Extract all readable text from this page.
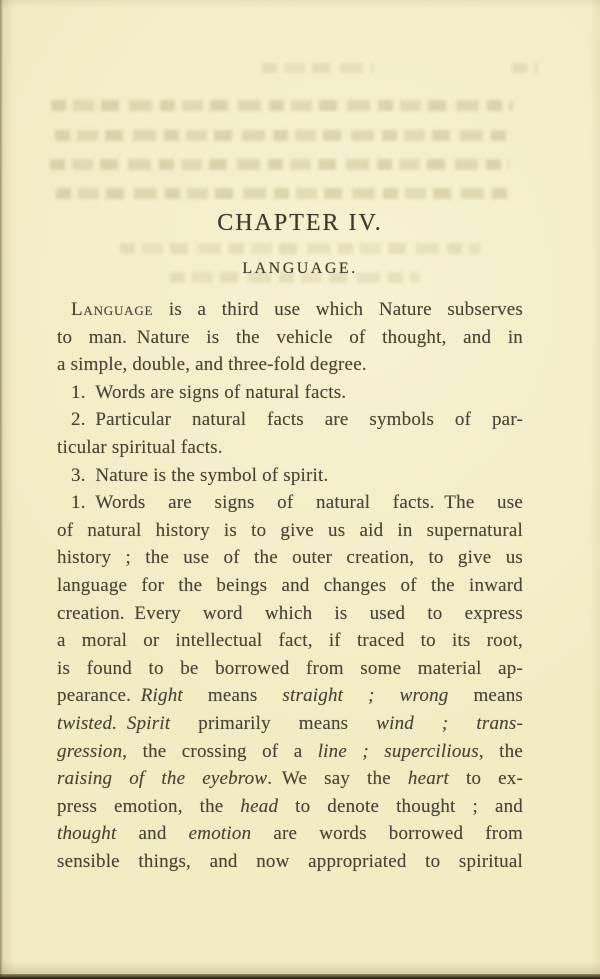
CHAPTER IV.
LANGUAGE.
Language is a third use which Nature subserves
to man. Nature is the vehicle of thought, and in
a simple, double, and three-fold degree.
1. Words are signs of natural facts.
2. Particular natural facts are symbols of par-
ticular spiritual facts.
3. Nature is the symbol of spirit.
1. Words are signs of natural facts. The use
of natural history is to give us aid in supernatural
history ; the use of the outer creation, to give us
language for the beings and changes of the inward
creation. Every word which is used to express
a moral or intellectual fact, if traced to its root,
is found to be borrowed from some material ap-
pearance. Right means straight ; wrong means
twisted.  Spirit primarily means wind ; trans-
gression, the crossing of a line ; supercilious, the
raising of the eyebrow. We say the heart to ex-
press emotion, the head to denote thought ; and
thought and emotion are words borrowed from
sensible things, and now appropriated to spiritual
